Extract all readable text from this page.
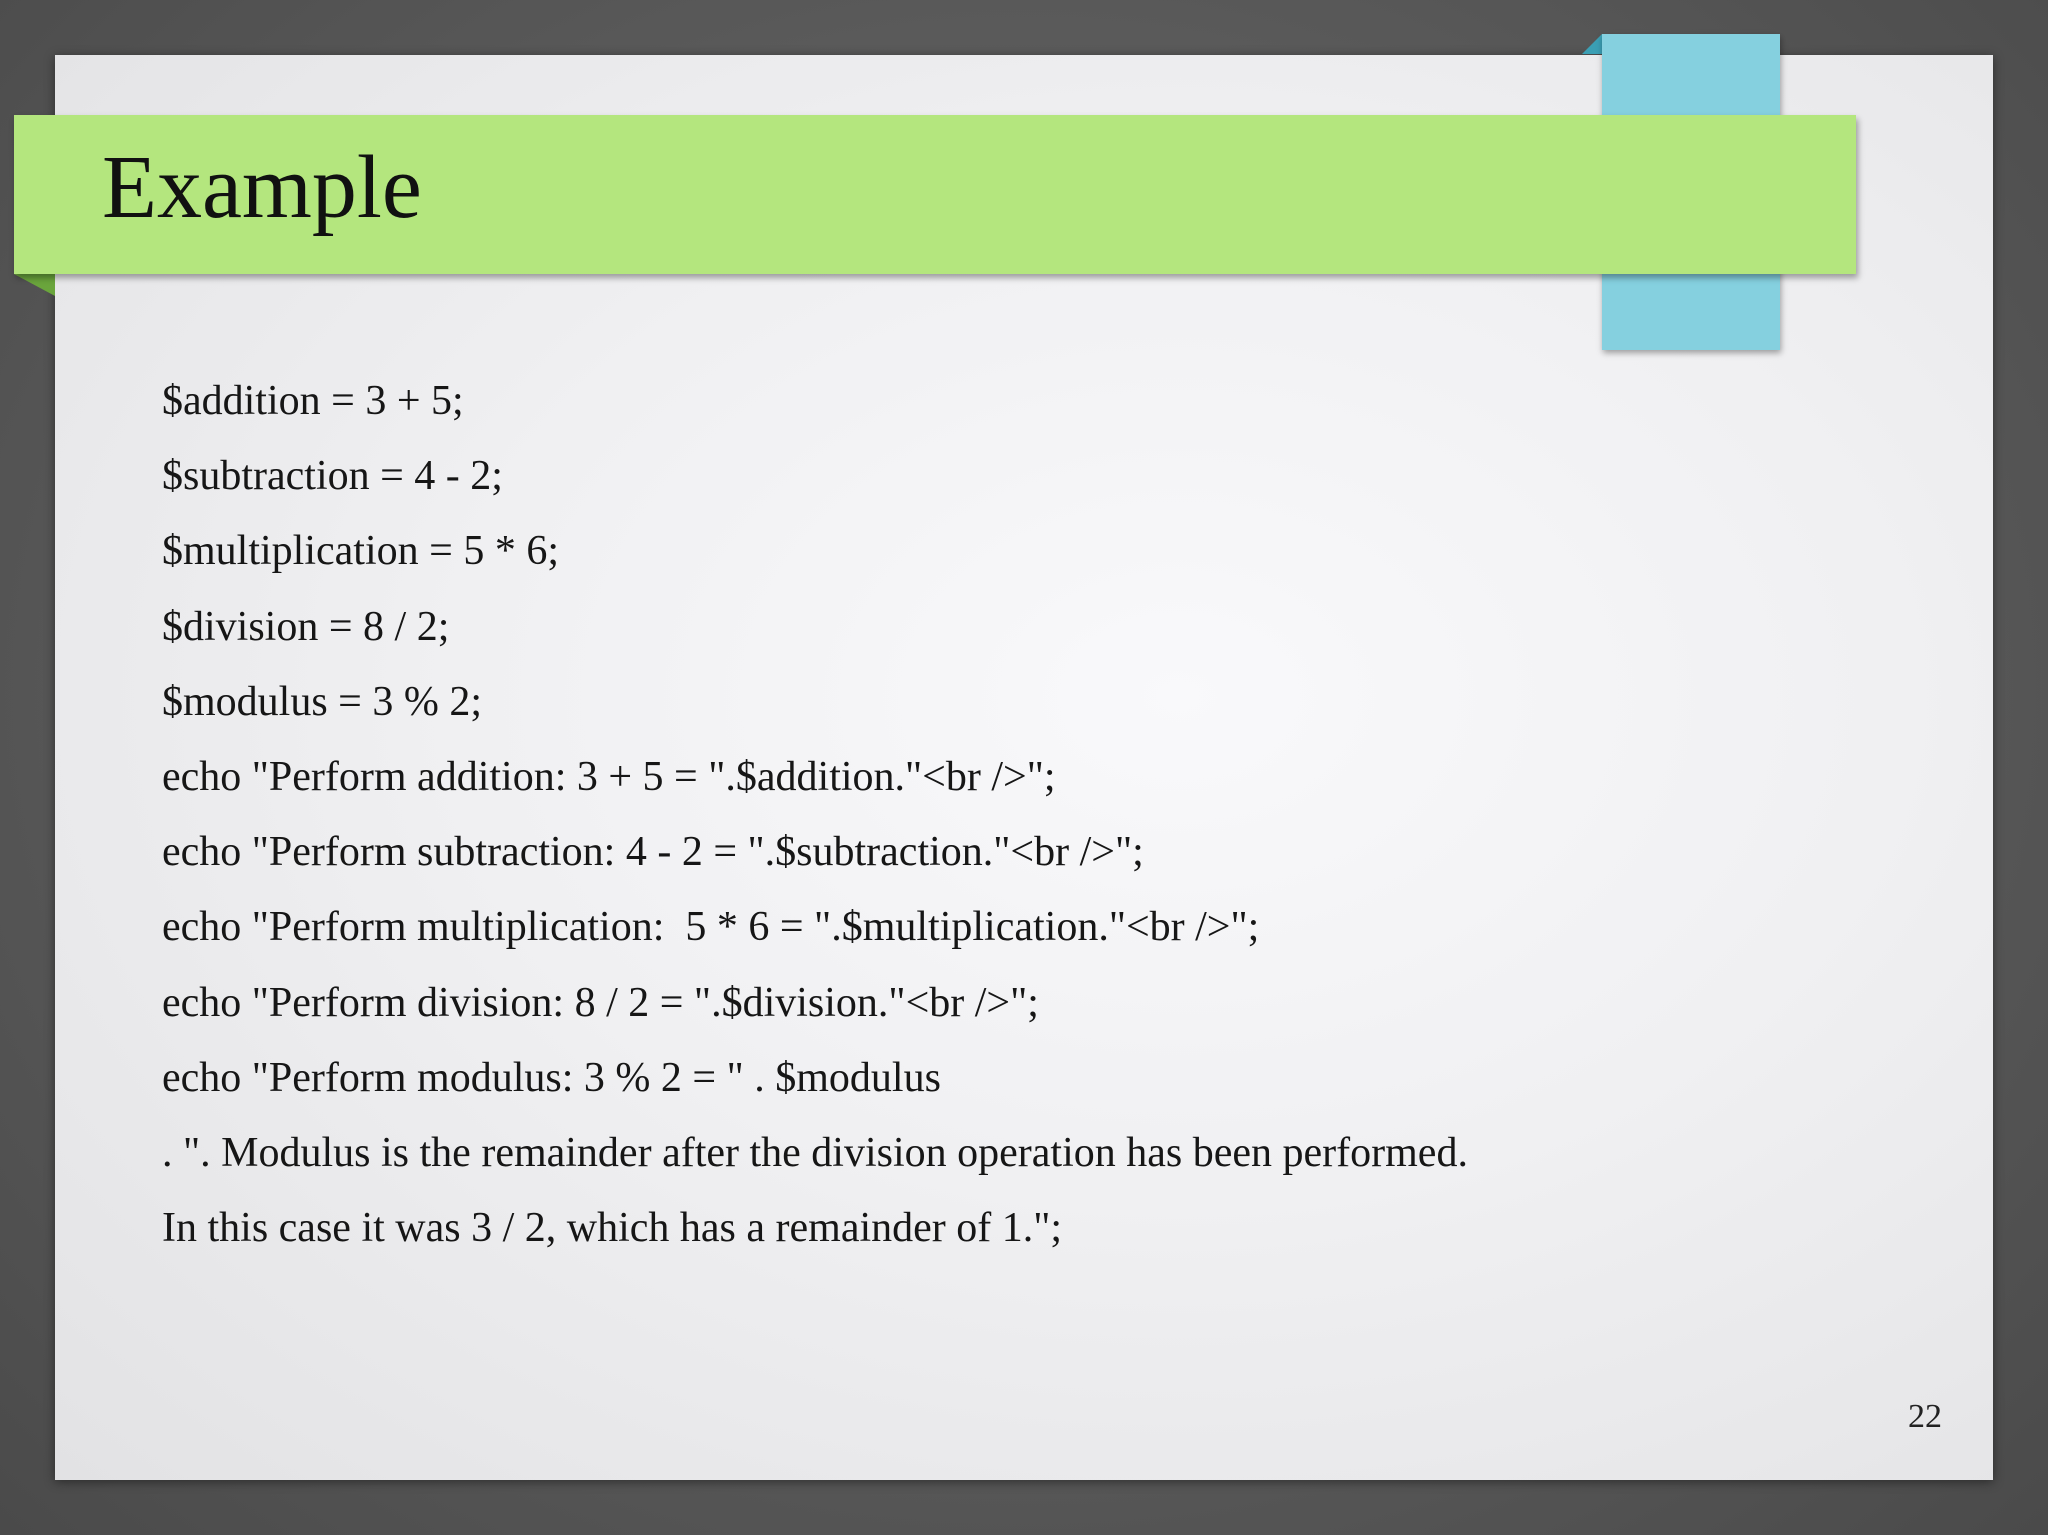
Example
$addition = 3 + 5;
$subtraction = 4 - 2;
$multiplication = 5 * 6;
$division = 8 / 2;
$modulus = 3 % 2;
echo "Perform addition: 3 + 5 = ".$addition."<br />";
echo "Perform subtraction: 4 - 2 = ".$subtraction."<br />";
echo "Perform multiplication:  5 * 6 = ".$multiplication."<br />";
echo "Perform division: 8 / 2 = ".$division."<br />";
echo "Perform modulus: 3 % 2 = " . $modulus
. ". Modulus is the remainder after the division operation has been performed.
In this case it was 3 / 2, which has a remainder of 1.";
22
